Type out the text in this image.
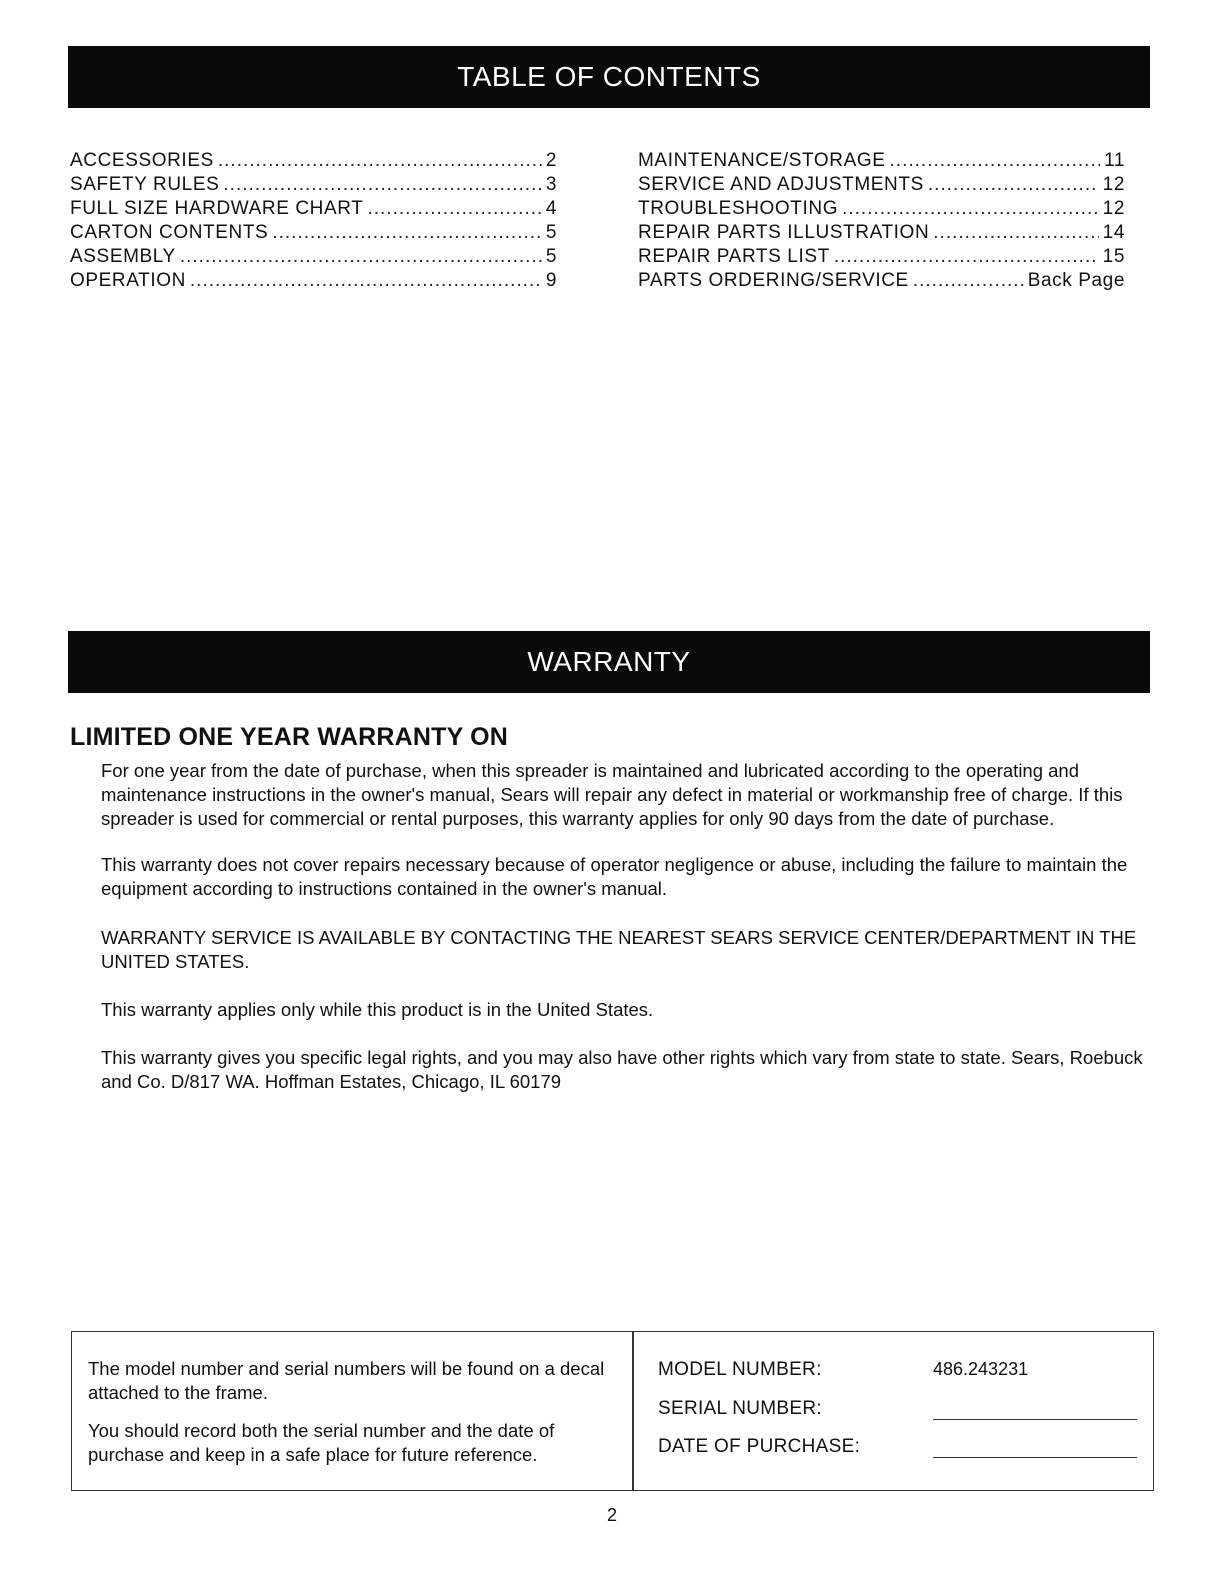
TABLE OF CONTENTS
ACCESSORIES .....	2
SAFETY RULES .....	3
FULL SIZE HARDWARE CHART .....	4
CARTON CONTENTS .....	5
ASSEMBLY .....	5
OPERATION .....	9
MAINTENANCE/STORAGE .....	11
SERVICE AND ADJUSTMENTS .....	12
TROUBLESHOOTING .....	12
REPAIR PARTS ILLUSTRATION .....	14
REPAIR PARTS LIST .....	15
PARTS ORDERING/SERVICE .....	Back Page
WARRANTY
LIMITED ONE YEAR WARRANTY ON

For one year from the date of purchase, when this spreader is maintained and lubricated according to the operating and maintenance instructions in the owner's manual, Sears will repair any defect in material or workmanship free of charge. If this spreader is used for commercial or rental purposes, this warranty applies for only 90 days from the date of purchase.

This warranty does not cover repairs necessary because of operator negligence or abuse, including the failure to maintain the equipment according to instructions contained in the owner's manual.

WARRANTY SERVICE IS AVAILABLE BY CONTACTING THE NEAREST SEARS SERVICE CENTER/DEPARTMENT IN THE UNITED STATES.

This warranty applies only while this product is in the United States.

This warranty gives you specific legal rights, and you may also have other rights which vary from state to state. Sears, Roebuck and Co. D/817 WA. Hoffman Estates, Chicago, IL 60179

The model number and serial numbers will be found on a decal attached to the frame.

You should record both the serial number and the date of purchase and keep in a safe place for future reference.

MODEL NUMBER:	486.243231
SERIAL NUMBER:
DATE OF PURCHASE:
2
